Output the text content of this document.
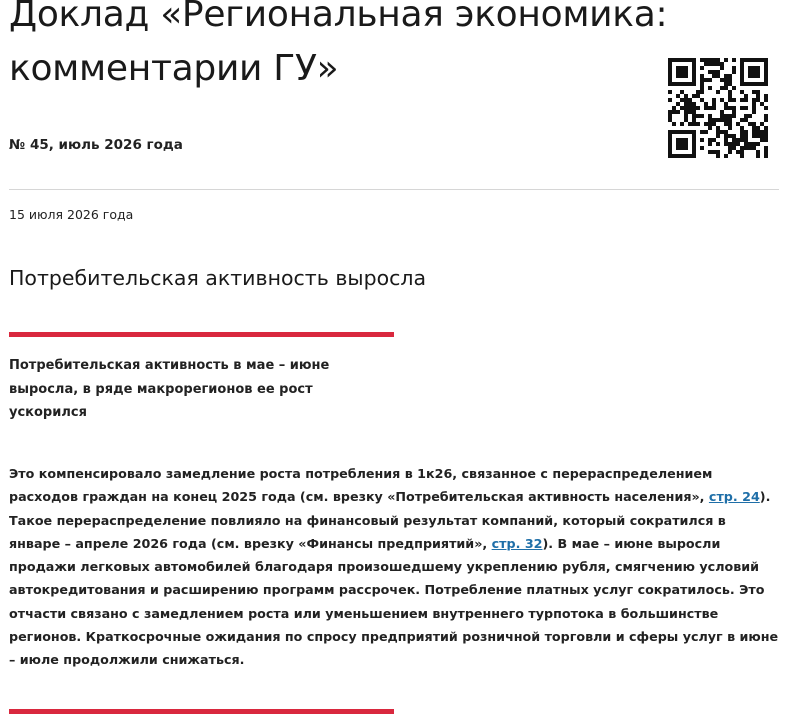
Доклад «Региональная экономика: комментарии ГУ»
№ 45, июль 2026 года
15 июля 2026 года
Потребительская активность выросла
Потребительская активность в мае – июне выросла, в ряде макрорегионов ее рост ускорился

Это компенсировало замедление роста потребления в 1к26, связанное с перераспределением расходов граждан на конец 2025 года (см. врезку «Потребительская активность населения», стр. 24). Такое перераспределение повлияло на финансовый результат компаний, который сократился в январе – апреле 2026 года (см. врезку «Финансы предприятий», стр. 32). В мае – июне выросли продажи легковых автомобилей благодаря произошедшему укреплению рубля, смягчению условий автокредитования и расширению программ рассрочек. Потребление платных услуг сократилось. Это отчасти связано с замедлением роста или уменьшением внутреннего турпотока в большинстве регионов. Краткосрочные ожидания по спросу предприятий розничной торговли и сферы услуг в июне – июле продолжили снижаться.
